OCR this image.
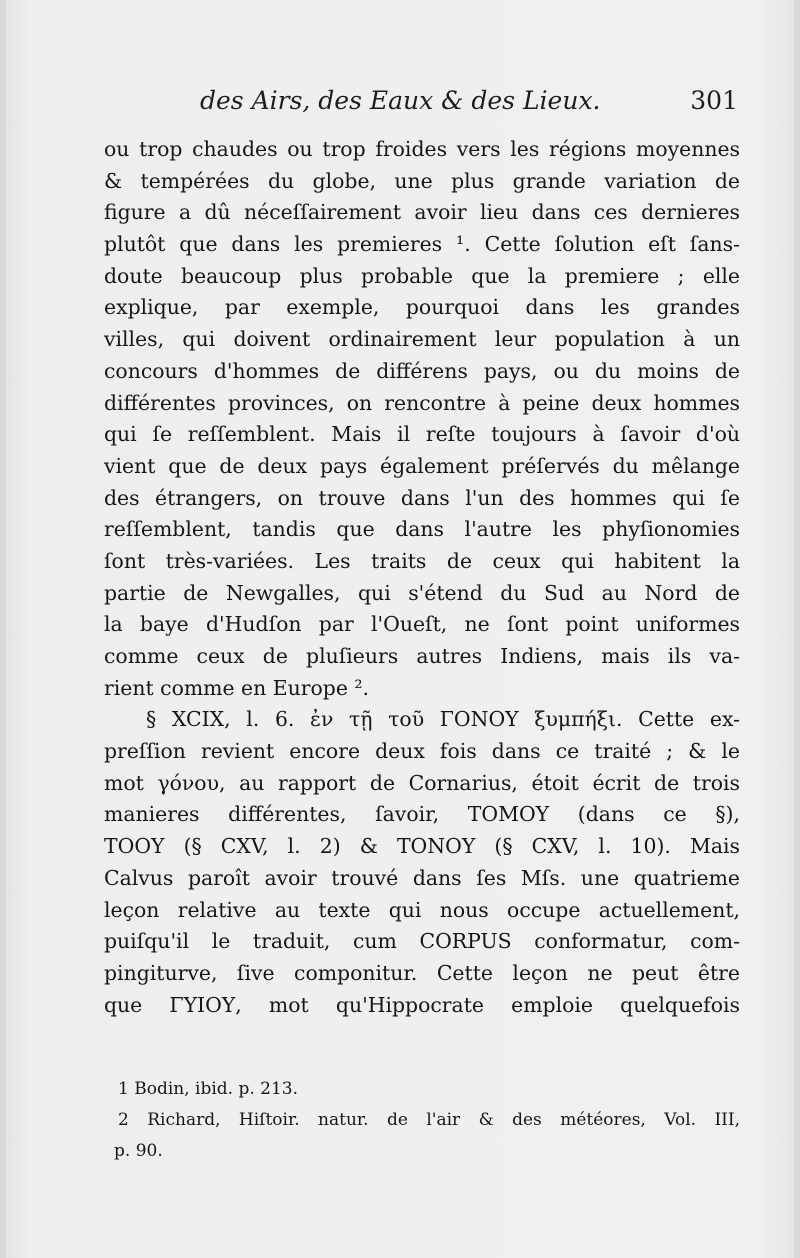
des Airs, des Eaux & des Lieux.	301
ou trop chaudes ou trop froides vers les régions moyennes
& tempérées du globe, une plus grande variation de
figure a dû néceſſairement avoir lieu dans ces dernieres
plutôt que dans les premieres ¹. Cette ſolution eſt ſans-
doute beaucoup plus probable que la premiere ; elle
explique, par exemple, pourquoi dans les grandes
villes, qui doivent ordinairement leur population à un
concours d'hommes de différens pays, ou du moins de
différentes provinces, on rencontre à peine deux hommes
qui ſe reſſemblent. Mais il reſte toujours à ſavoir d'où
vient que de deux pays également préſervés du mêlange
des étrangers, on trouve dans l'un des hommes qui ſe
reſſemblent, tandis que dans l'autre les phyſionomies
ſont très-variées. Les traits de ceux qui habitent la
partie de Newgalles, qui s'étend du Sud au Nord de
la baye d'Hudſon par l'Oueſt, ne ſont point uniformes
comme ceux de pluſieurs autres Indiens, mais ils va-
rient comme en Europe ².
§ XCIX, l. 6. ἐν τῇ τοῦ ΓΟΝΟΥ ξυμπήξι. Cette ex-
preſſion revient encore deux fois dans ce traité ; & le
mot γόνου, au rapport de Cornarius, étoit écrit de trois
manieres différentes, ſavoir, ΤΟΜΟΥ (dans ce §),
ΤΟΟΥ (§ CXV, l. 2) & ΤΟΝΟΥ (§ CXV, l. 10). Mais
Calvus paroît avoir trouvé dans ſes Mſs. une quatrieme
leçon relative au texte qui nous occupe actuellement,
puiſqu'il le traduit, cum CORPUS conformatur, com-
pingiturve, ſive componitur. Cette leçon ne peut être
que ΓΥΙΟΥ, mot qu'Hippocrate emploie quelquefois
1 Bodin, ibid. p. 213.
2 Richard, Hiſtoir. natur. de l'air & des météores, Vol. III,
p. 90.
